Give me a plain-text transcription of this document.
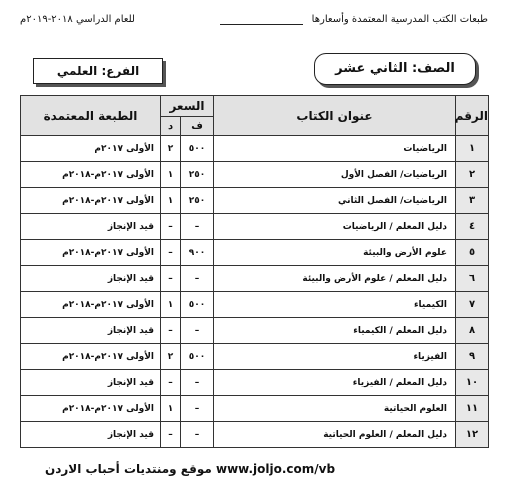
طبعات الكتب المدرسية المعتمدة وأسعارها
للعام الدراسي ٢٠١٨-٢٠١٩م
الصف: الثاني عشر
الفرع: العلمي
الرقم	عنوان الكتاب	السعر		الطبعة المعتمدة
		ف	د	
١	الرياضيات	٥٠٠	٢	الأولى ٢٠١٧م
٢	الرياضيات/ الفصل الأول	٢٥٠	١	الأولى ٢٠١٧م-٢٠١٨م
٣	الرياضيات/ الفصل الثاني	٢٥٠	١	الأولى ٢٠١٧م-٢٠١٨م
٤	دليل المعلم / الرياضيات	–	–	قيد الإنجاز
٥	علوم الأرض والبيئة	٩٠٠	–	الأولى ٢٠١٧م-٢٠١٨م
٦	دليل المعلم / علوم الأرض والبيئة	–	–	قيد الإنجاز
٧	الكيمياء	٥٠٠	١	الأولى ٢٠١٧م-٢٠١٨م
٨	دليل المعلم / الكيمياء	–	–	قيد الإنجاز
٩	الفيزياء	٥٠٠	٢	الأولى ٢٠١٧م-٢٠١٨م
١٠	دليل المعلم / الفيزياء	–	–	قيد الإنجاز
١١	العلوم الحياتية	–	١	الأولى ٢٠١٧م-٢٠١٨م
١٢	دليل المعلم / العلوم الحياتية	–	–	قيد الإنجاز
موقع ومنتديات أحباب الاردن www.joljo.com/vb
